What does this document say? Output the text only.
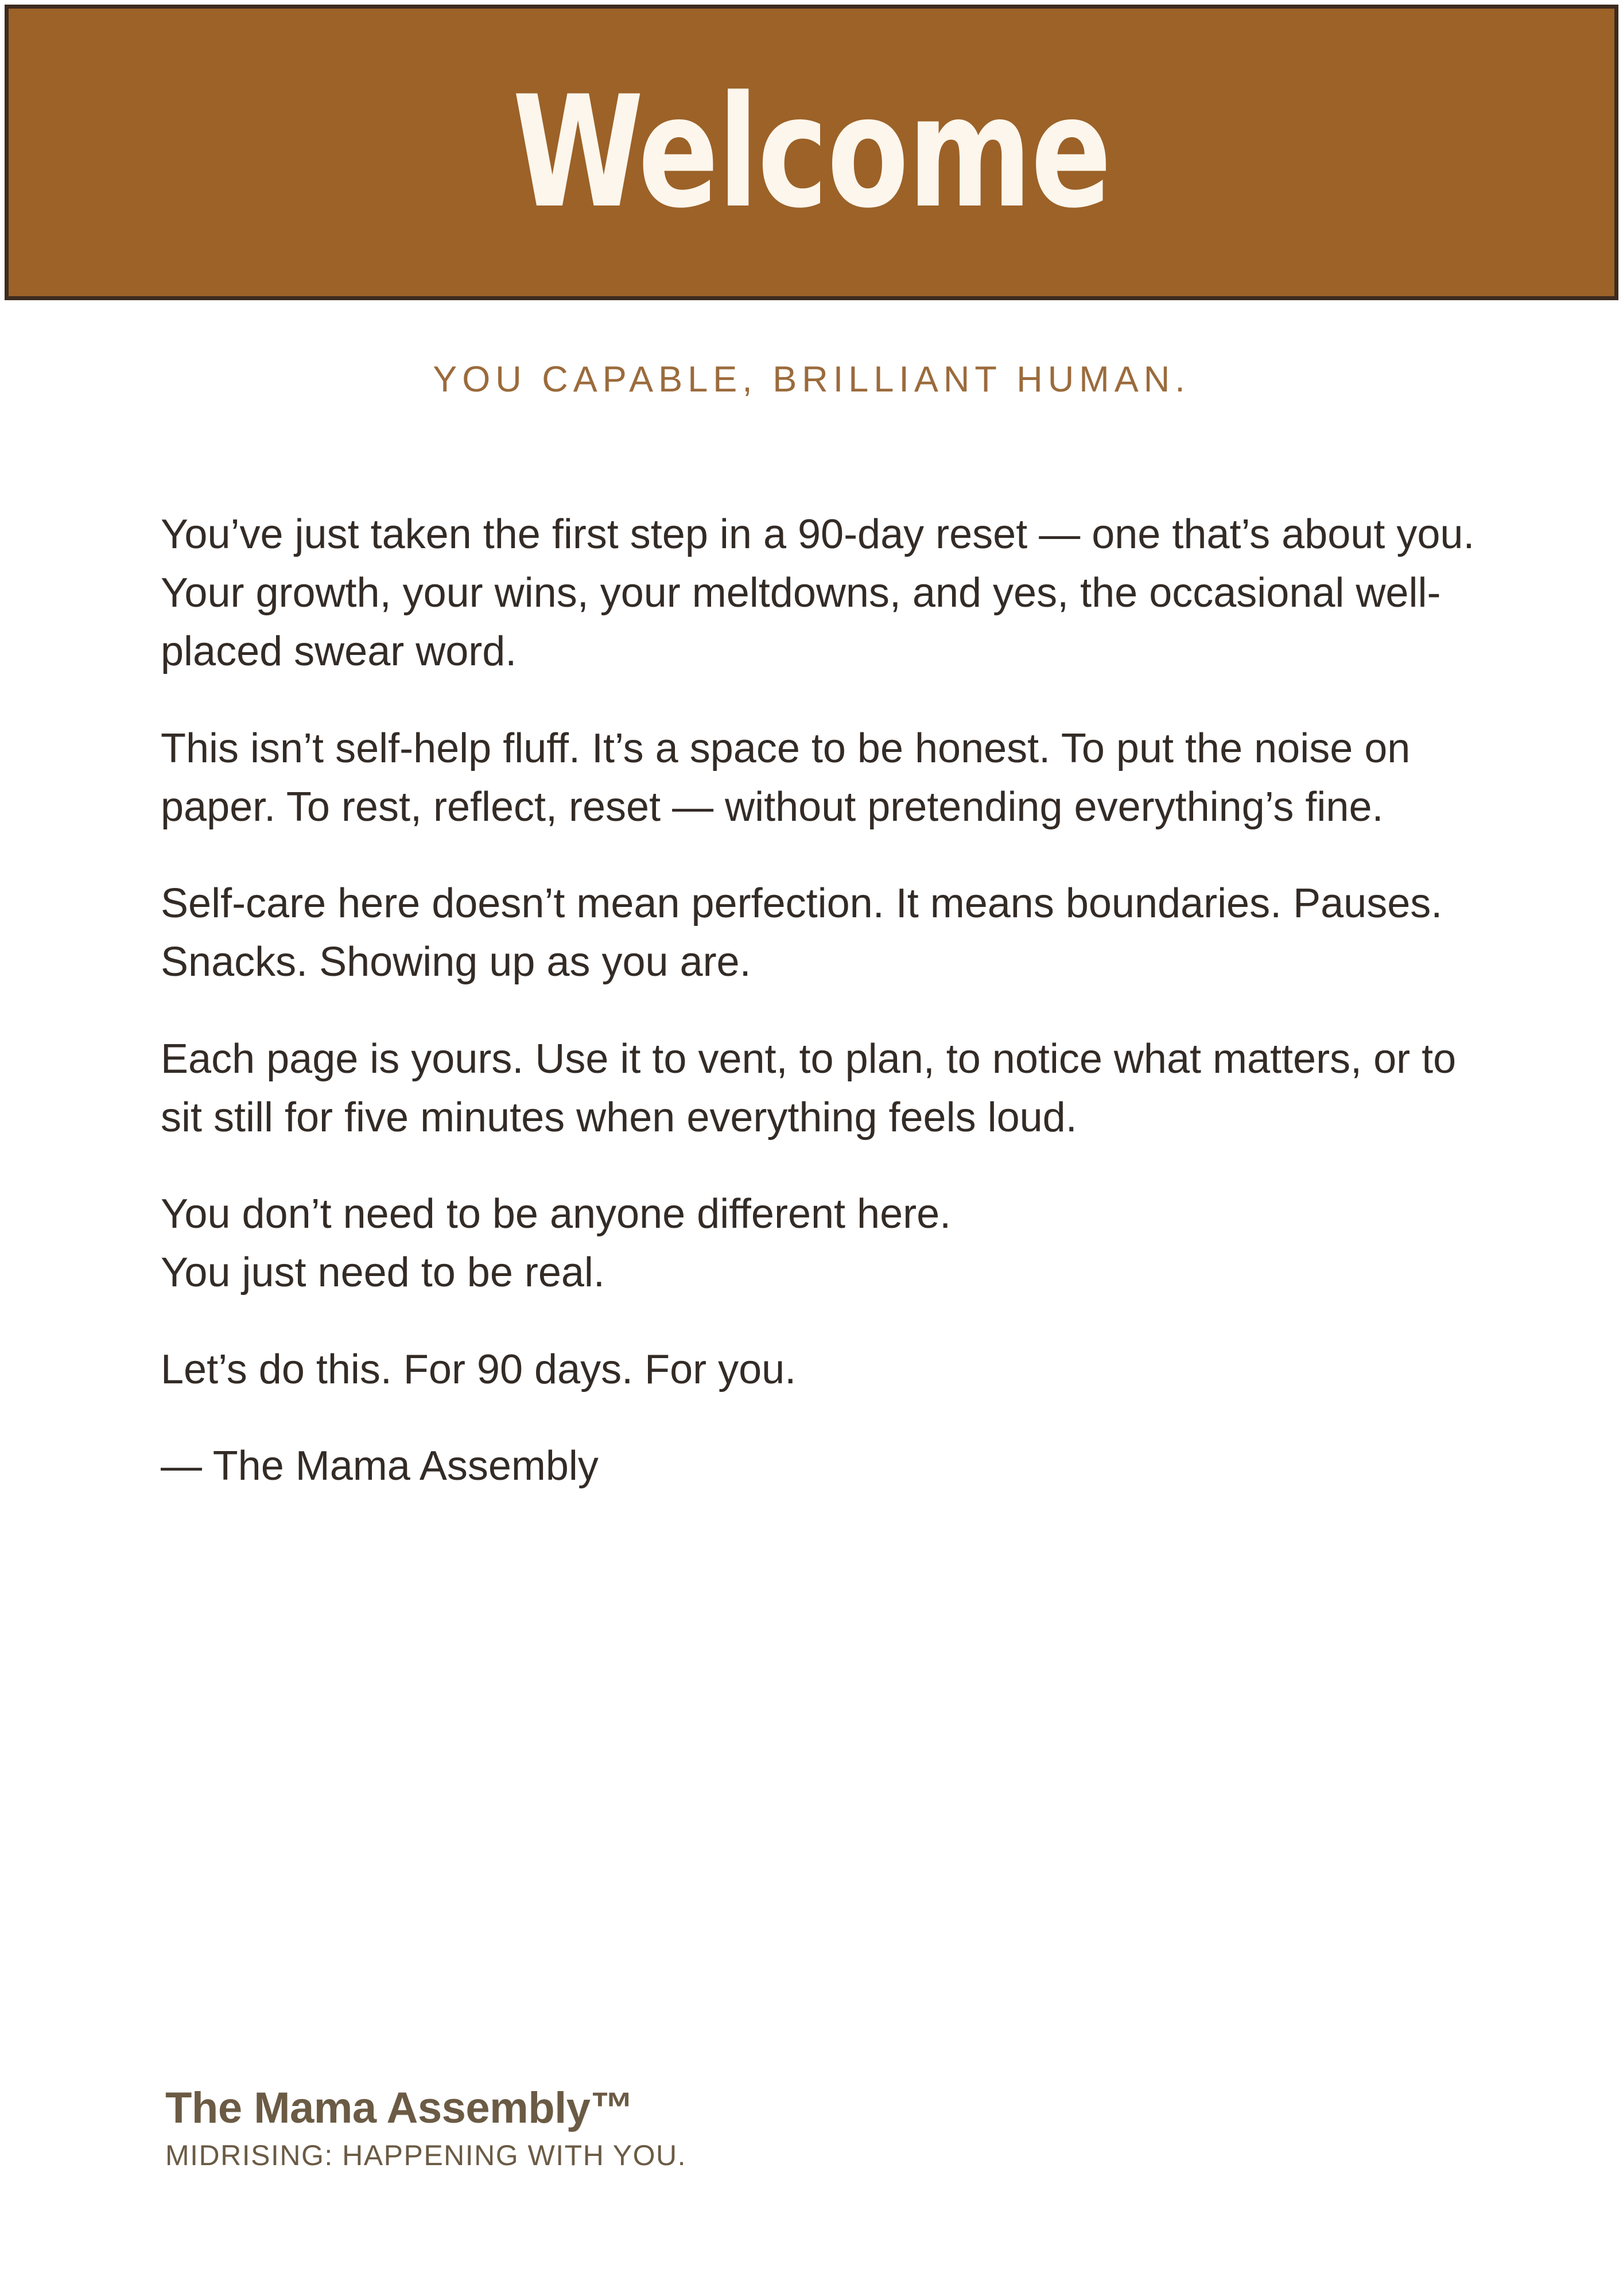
Welcome
YOU CAPABLE, BRILLIANT HUMAN.

You’ve just taken the first step in a 90-day reset — one that’s about you. Your growth, your wins, your meltdowns, and yes, the occasional well-placed swear word.

This isn’t self-help fluff. It’s a space to be honest. To put the noise on paper. To rest, reflect, reset — without pretending everything’s fine.

Self-care here doesn’t mean perfection. It means boundaries. Pauses. Snacks. Showing up as you are.

Each page is yours. Use it to vent, to plan, to notice what matters, or to sit still for five minutes when everything feels loud.

You don’t need to be anyone different here.
You just need to be real.

Let’s do this. For 90 days. For you.

— The Mama Assembly

The Mama Assembly™
MIDRISING: HAPPENING WITH YOU.
